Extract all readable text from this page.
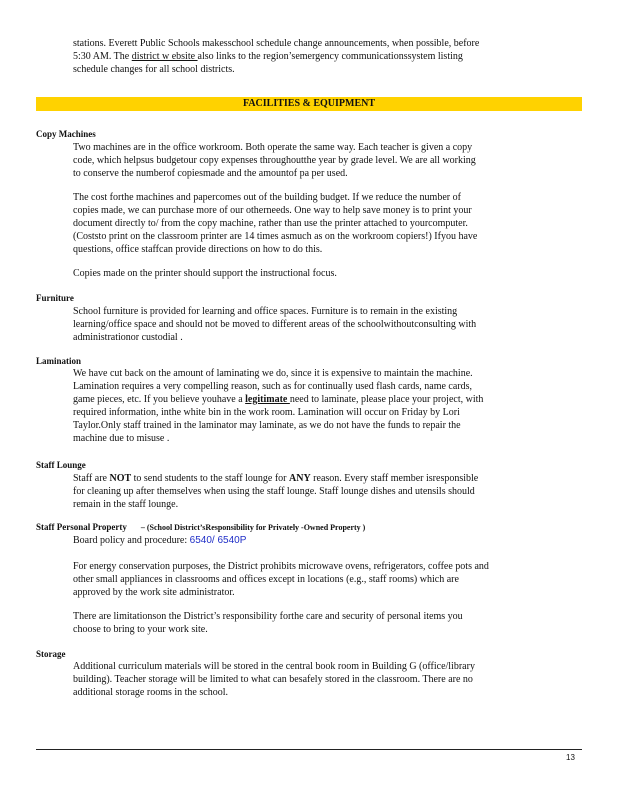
stations. Everett Public Schools makesschool schedule change announcements, when possible, before

5:30 AM. The district w ebsite also links to the region’semergency communicationssystem listing

schedule changes for all school districts.

FACILITIES & EQUIPMENT
Copy Machines

Two machines are in the office workroom. Both operate the same way. Each teacher is given a copy

code, which helpsus budgetour copy expenses throughoutthe year by grade level. We are all working

to conserve the numberof copiesmade and the amountof pa per used.

The cost forthe machines and papercomes out of the building budget. If we reduce the number of

copies made, we can purchase more of our otherneeds. One way to help save money is to print your

document directly to/ from the copy machine, rather than use the printer attached to yourcomputer.

(Coststo print on the classroom printer are 14 times asmuch as on the workroom copiers!) Ifyou have

questions, office staffcan provide directions on how to do this.

Copies made on the printer should support the instructional focus.

Furniture

School furniture is provided for learning and office spaces. Furniture is to remain in the existing

learning/office space and should not be moved to different areas of the schoolwithoutconsulting with

administrationor custodial .

Lamination

We have cut back on the amount of laminating we do, since it is expensive to maintain the machine.

Lamination requires a very compelling reason, such as for continually used flash cards, name cards,

game pieces, etc. If you believe youhave a legitimate need to laminate, please place your project, with

required information, inthe white bin in the work room. Lamination will occur on Friday by Lori

Taylor.Only staff trained in the laminator may laminate, as we do not have the funds to repair the

machine due to misuse .

Staff Lounge

Staff are NOT to send students to the staff lounge for ANY reason. Every staff member isresponsible

for cleaning up after themselves when using the staff lounge. Staff lounge dishes and utensils should

remain in the staff lounge.

Staff Personal Property – (School District’sResponsibility for Privately -Owned Property )

Board policy and procedure: 6540/ 6540P

For energy conservation purposes, the District prohibits microwave ovens, refrigerators, coffee pots and

other small appliances in classrooms and offices except in locations (e.g., staff rooms) which are

approved by the work site administrator.

There are limitationson the District’s responsibility forthe care and security of personal items you

choose to bring to your work site.

Storage

Additional curriculum materials will be stored in the central book room in Building G (office/library

building). Teacher storage will be limited to what can besafely stored in the classroom. There are no

additional storage rooms in the school.

13
